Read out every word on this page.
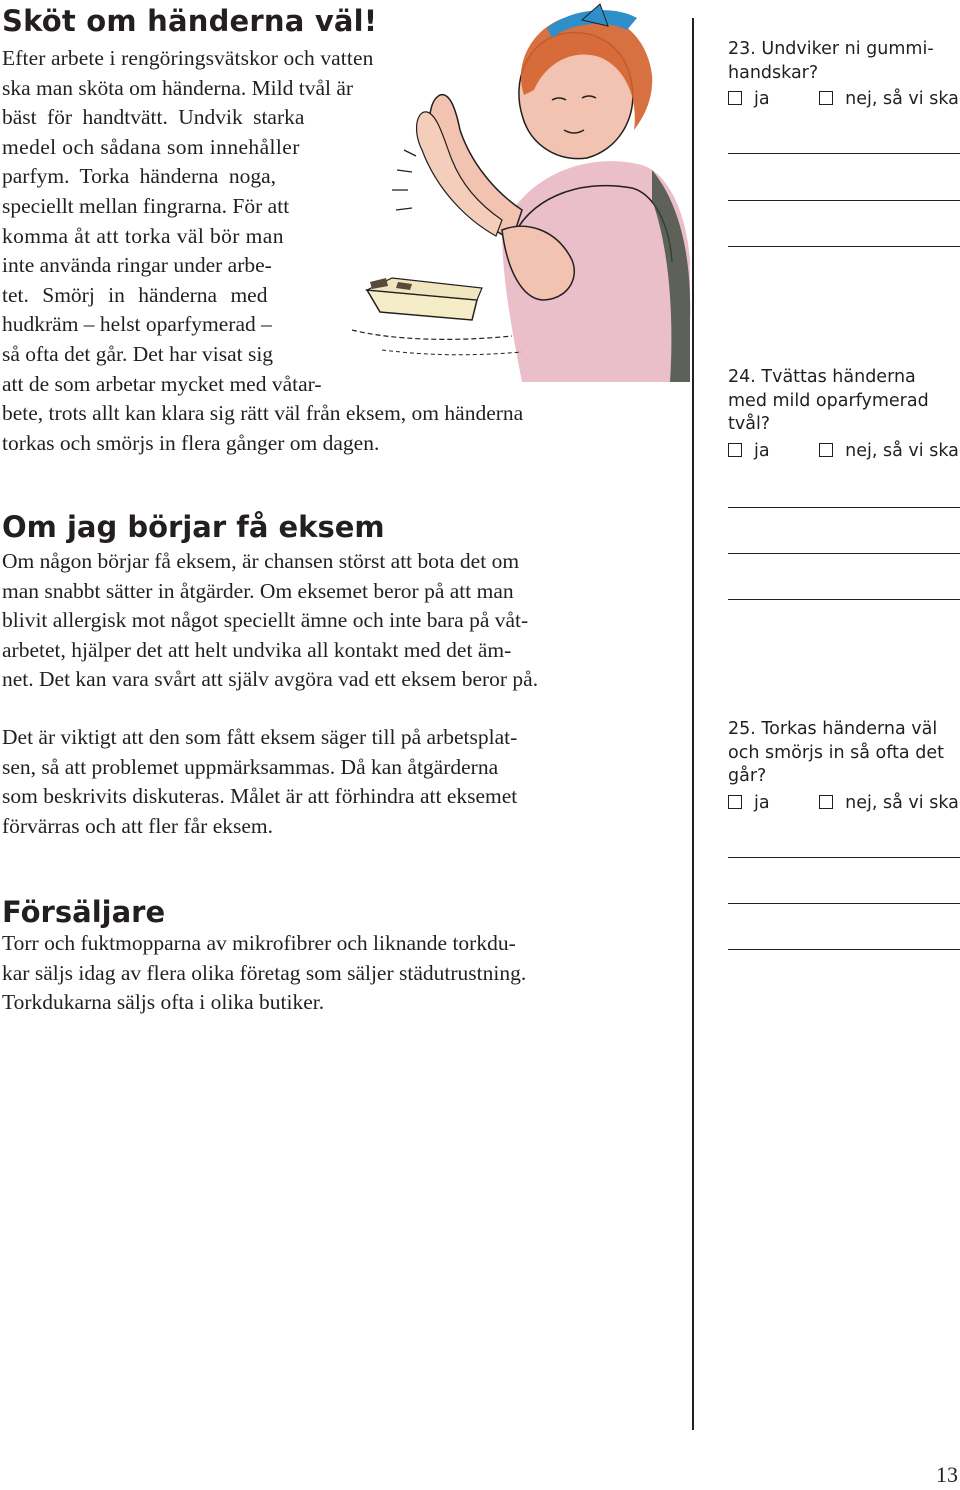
Sköt om händerna väl!
Efter arbete i rengöringsvätskor och vatten
ska man sköta om händerna. Mild tvål är
bäst för handtvätt. Undvik starka
medel och sådana som innehåller
parfym. Torka händerna noga,
speciellt mellan fingrarna. För att
komma åt att torka väl bör man
inte använda ringar under arbe-
tet. Smörj in händerna med
hudkräm – helst oparfymerad –
så ofta det går. Det har visat sig
att de som arbetar mycket med våtar-
bete, trots allt kan klara sig rätt väl från eksem, om händerna
torkas och smörjs in flera gånger om dagen.
Om jag börjar få eksem
Om någon börjar få eksem, är chansen störst att bota det om
man snabbt sätter in åtgärder. Om eksemet beror på att man
blivit allergisk mot något speciellt ämne och inte bara på våt-
arbetet, hjälper det att helt undvika all kontakt med det äm-
net. Det kan vara svårt att själv avgöra vad ett eksem beror på.
Det är viktigt att den som fått eksem säger till på arbetsplat-
sen, så att problemet uppmärksammas. Då kan åtgärderna
som beskrivits diskuteras. Målet är att förhindra att eksemet
förvärras och att fler får eksem.
Försäljare
Torr och fuktmopparna av mikrofibrer och liknande torkdu-
kar säljs idag av flera olika företag som säljer städutrustning.
Torkdukarna säljs ofta i olika butiker.
23. Undviker ni gummi-
handskar?
ja	nej, så vi ska
24. Tvättas händerna
med mild oparfymerad
tvål?
ja	nej, så vi ska
25. Torkas händerna väl
och smörjs in så ofta det
går?
ja	nej, så vi ska
13
